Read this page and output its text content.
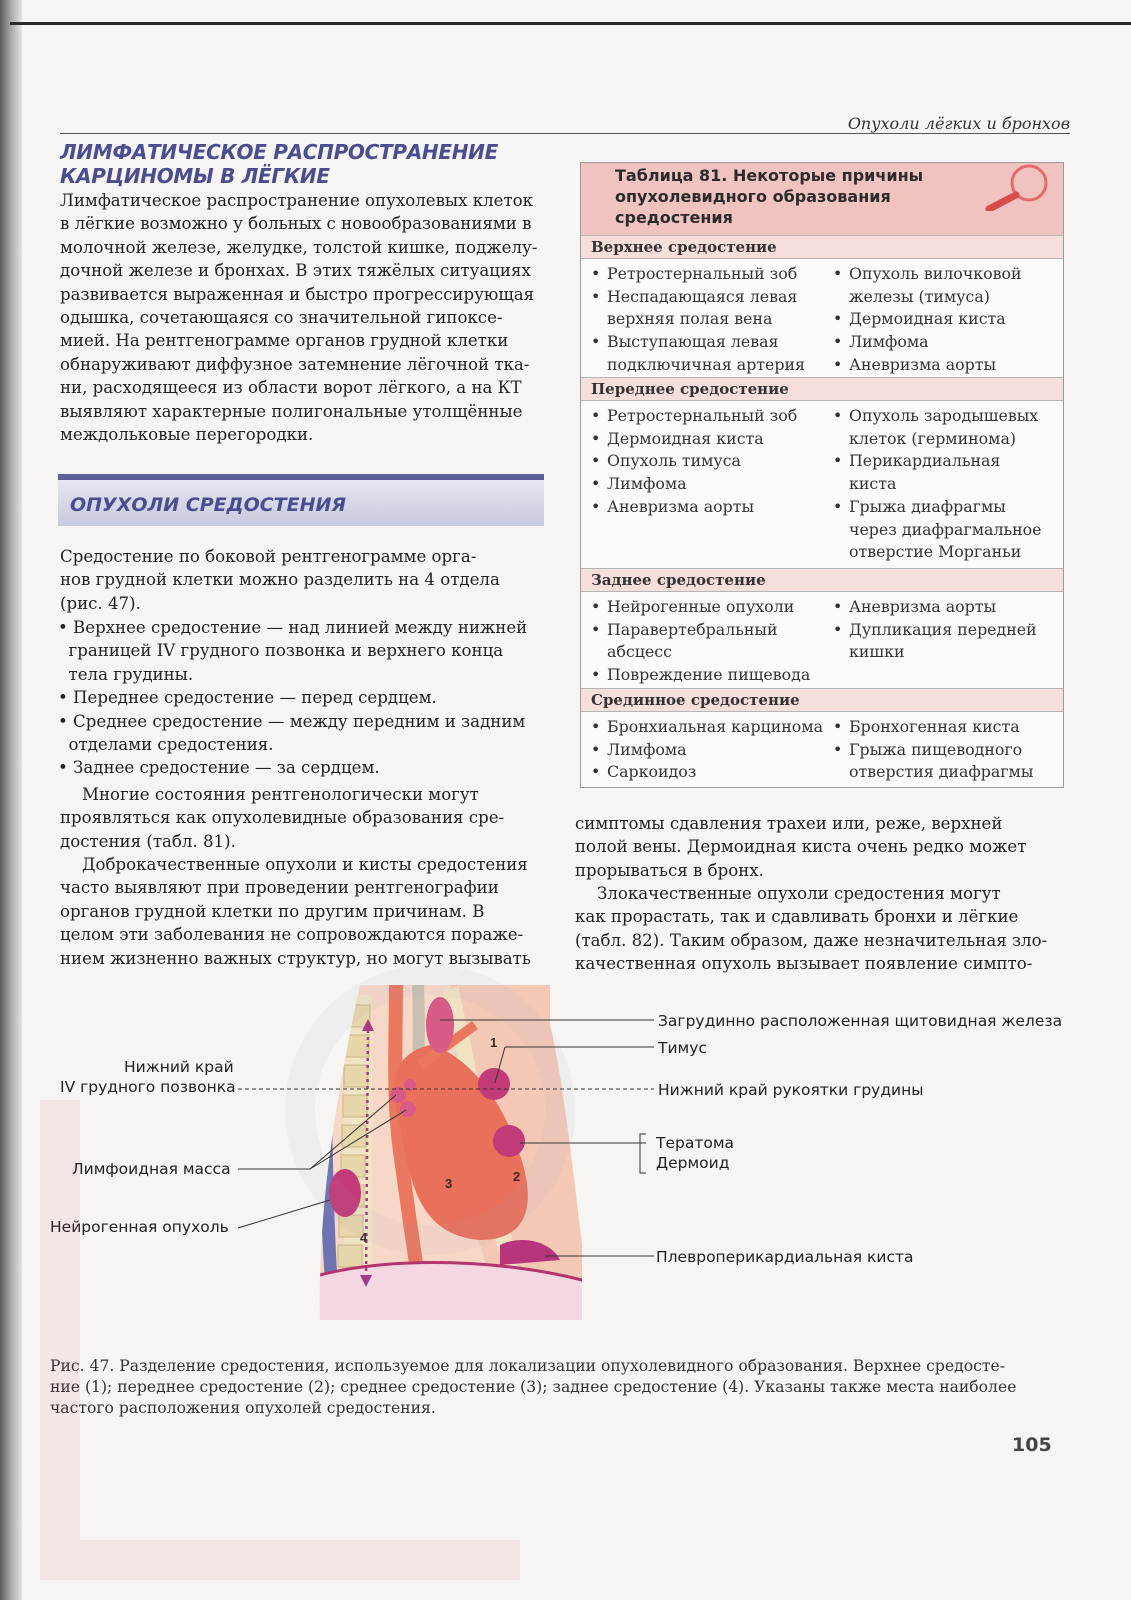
Опухоли лёгких и бронхов
ЛИМФАТИЧЕСКОЕ РАСПРОСТРАНЕНИЕ
КАРЦИНОМЫ В ЛЁГКИЕ
Лимфатическое распространение опухолевых клеток
в лёгкие возможно у больных с новообразованиями в
молочной железе, желудке, толстой кишке, поджелу-
дочной железе и бронхах. В этих тяжёлых ситуациях
развивается выраженная и быстро прогрессирующая
одышка, сочетающаяся со значительной гипоксе-
мией. На рентгенограмме органов грудной клетки
обнаруживают диффузное затемнение лёгочной тка-
ни, расходящееся из области ворот лёгкого, а на КТ
выявляют характерные полигональные утолщённые
междольковые перегородки.
ОПУХОЛИ СРЕДОСТЕНИЯ
Средостение по боковой рентгенограмме орга-
нов грудной клетки можно разделить на 4 отдела
(рис. 47).
• Верхнее средостение — над линией между нижней
границей IV грудного позвонка и верхнего конца
тела грудины.
• Переднее средостение — перед сердцем.
• Среднее средостение — между передним и задним
отделами средостения.
• Заднее средостение — за сердцем.
Многие состояния рентгенологически могут
проявляться как опухолевидные образования сре-
достения (табл. 81).
Доброкачественные опухоли и кисты средостения
часто выявляют при проведении рентгенографии
органов грудной клетки по другим причинам. В
целом эти заболевания не сопровождаются пораже-
нием жизненно важных структур, но могут вызывать
симптомы сдавления трахеи или, реже, верхней
полой вены. Дермоидная киста очень редко может
прорываться в бронх.
Злокачественные опухоли средостения могут
как прорастать, так и сдавливать бронхи и лёгкие
(табл. 82). Таким образом, даже незначительная зло-
качественная опухоль вызывает появление симпто-
Таблица 81. Некоторые причины
опухолевидного образования
средостения
Верхнее средостение
• Ретростернальный зоб
• Неспадающаяся левая
верхняя полая вена
• Выступающая левая
подключичная артерия
• Опухоль вилочковой
железы (тимуса)
• Дермоидная киста
• Лимфома
• Аневризма аорты
Переднее средостение
• Ретростернальный зоб
• Дермоидная киста
• Опухоль тимуса
• Лимфома
• Аневризма аорты
• Опухоль зародышевых
клеток (герминома)
• Перикардиальная
киста
• Грыжа диафрагмы
через диафрагмальное
отверстие Морганьи
Заднее средостение
• Нейрогенные опухоли
• Паравертебральный
абсцесс
• Повреждение пищевода
• Аневризма аорты
• Дупликация передней
кишки
Срединное средостение
• Бронхиальная карцинома
• Лимфома
• Саркоидоз
• Бронхогенная киста
• Грыжа пищеводного
отверстия диафрагмы
1
2
3
4
Загрудинно расположенная щитовидная железа
Тимус
Нижний край рукоятки грудины
Тератома
Дермоид
Плевроперикардиальная киста
Нижний край
IV грудного позвонка
Лимфоидная масса
Нейрогенная опухоль
Рис. 47. Разделение средостения, используемое для локализации опухолевидного образования. Верхнее средосте-
ние (1); переднее средостение (2); среднее средостение (3); заднее средостение (4). Указаны также места наиболее
частого расположения опухолей средостения.
105
